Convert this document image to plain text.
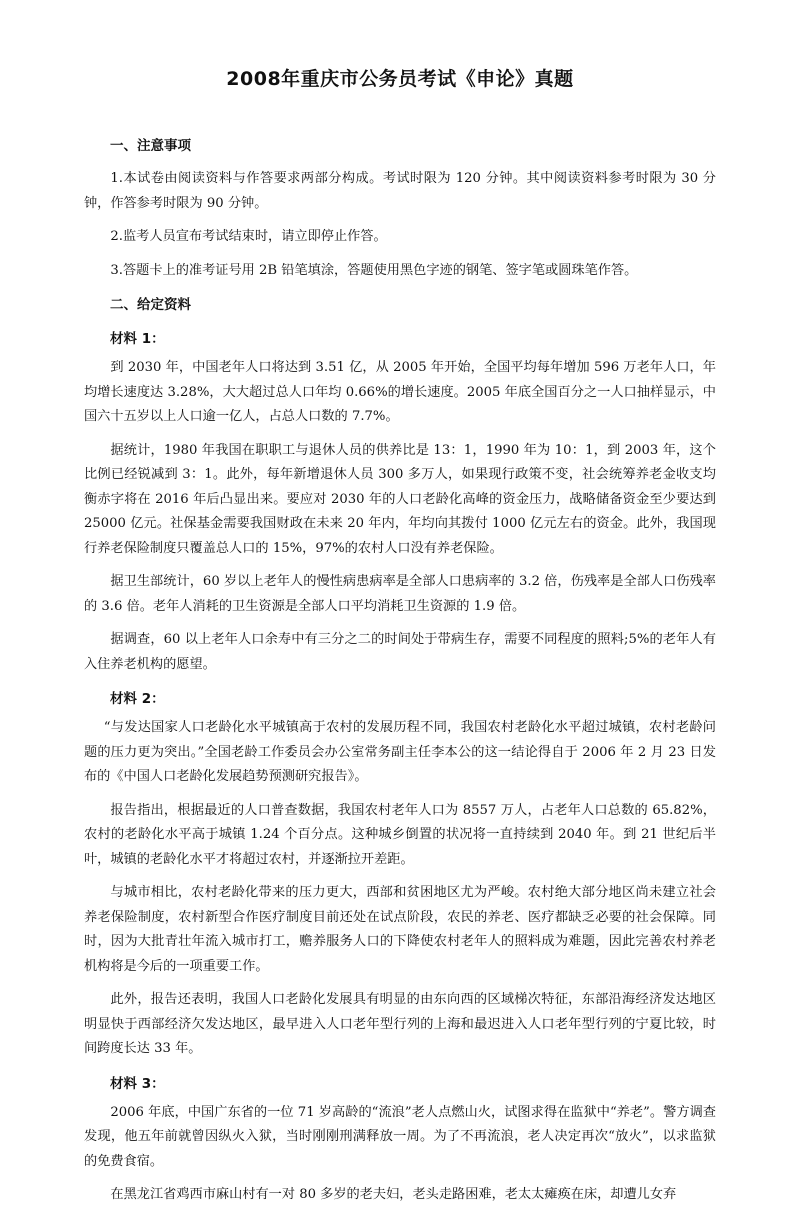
2008年重庆市公务员考试《申论》真题
一、注意事项

1.本试卷由阅读资料与作答要求两部分构成。考试时限为 120 分钟。其中阅读资料参考时限为 30 分钟，作答参考时限为 90 分钟。

2.监考人员宣布考试结束时，请立即停止作答。

3.答题卡上的准考证号用 2B 铅笔填涂，答题使用黑色字迹的钢笔、签字笔或圆珠笔作答。

二、给定资料
材料 1：

到 2030 年，中国老年人口将达到 3.51 亿，从 2005 年开始，全国平均每年增加 596 万老年人口，年均增长速度达 3.28%，大大超过总人口年均 0.66%的增长速度。2005 年底全国百分之一人口抽样显示，中国六十五岁以上人口逾一亿人，占总人口数的 7.7%。

据统计，1980 年我国在职职工与退休人员的供养比是 13：1，1990 年为 10：1，到 2003 年，这个比例已经锐减到 3：1。此外，每年新增退休人员 300 多万人，如果现行政策不变，社会统筹养老金收支均衡赤字将在 2016 年后凸显出来。要应对 2030 年的人口老龄化高峰的资金压力，战略储备资金至少要达到 25000 亿元。社保基金需要我国财政在未来 20 年内，年均向其拨付 1000 亿元左右的资金。此外，我国现行养老保险制度只覆盖总人口的 15%，97%的农村人口没有养老保险。

据卫生部统计，60 岁以上老年人的慢性病患病率是全部人口患病率的 3.2 倍，伤残率是全部人口伤残率的 3.6 倍。老年人消耗的卫生资源是全部人口平均消耗卫生资源的 1.9 倍。

据调查，60 以上老年人口余寿中有三分之二的时间处于带病生存，需要不同程度的照料;5%的老年人有入住养老机构的愿望。

材料 2：

“与发达国家人口老龄化水平城镇高于农村的发展历程不同，我国农村老龄化水平超过城镇，农村老龄问题的压力更为突出。”全国老龄工作委员会办公室常务副主任李本公的这一结论得自于 2006 年 2 月 23 日发布的《中国人口老龄化发展趋势预测研究报告》。

报告指出，根据最近的人口普查数据，我国农村老年人口为 8557 万人，占老年人口总数的 65.82%，农村的老龄化水平高于城镇 1.24 个百分点。这种城乡倒置的状况将一直持续到 2040 年。到 21 世纪后半叶，城镇的老龄化水平才将超过农村，并逐渐拉开差距。

与城市相比，农村老龄化带来的压力更大，西部和贫困地区尤为严峻。农村绝大部分地区尚未建立社会养老保险制度，农村新型合作医疗制度目前还处在试点阶段，农民的养老、医疗都缺乏必要的社会保障。同时，因为大批青壮年流入城市打工，赡养服务人口的下降使农村老年人的照料成为难题，因此完善农村养老机构将是今后的一项重要工作。

此外，报告还表明，我国人口老龄化发展具有明显的由东向西的区域梯次特征，东部沿海经济发达地区明显快于西部经济欠发达地区，最早进入人口老年型行列的上海和最迟进入人口老年型行列的宁夏比较，时间跨度长达 33 年。

材料 3：

2006 年底，中国广东省的一位 71 岁高龄的“流浪”老人点燃山火，试图求得在监狱中“养老”。警方调查发现，他五年前就曾因纵火入狱，当时刚刚刑满释放一周。为了不再流浪，老人决定再次“放火”，以求监狱的免费食宿。

在黑龙江省鸡西市麻山村有一对 80 多岁的老夫妇，老头走路困难，老太太瘫痪在床，却遭儿女弃
